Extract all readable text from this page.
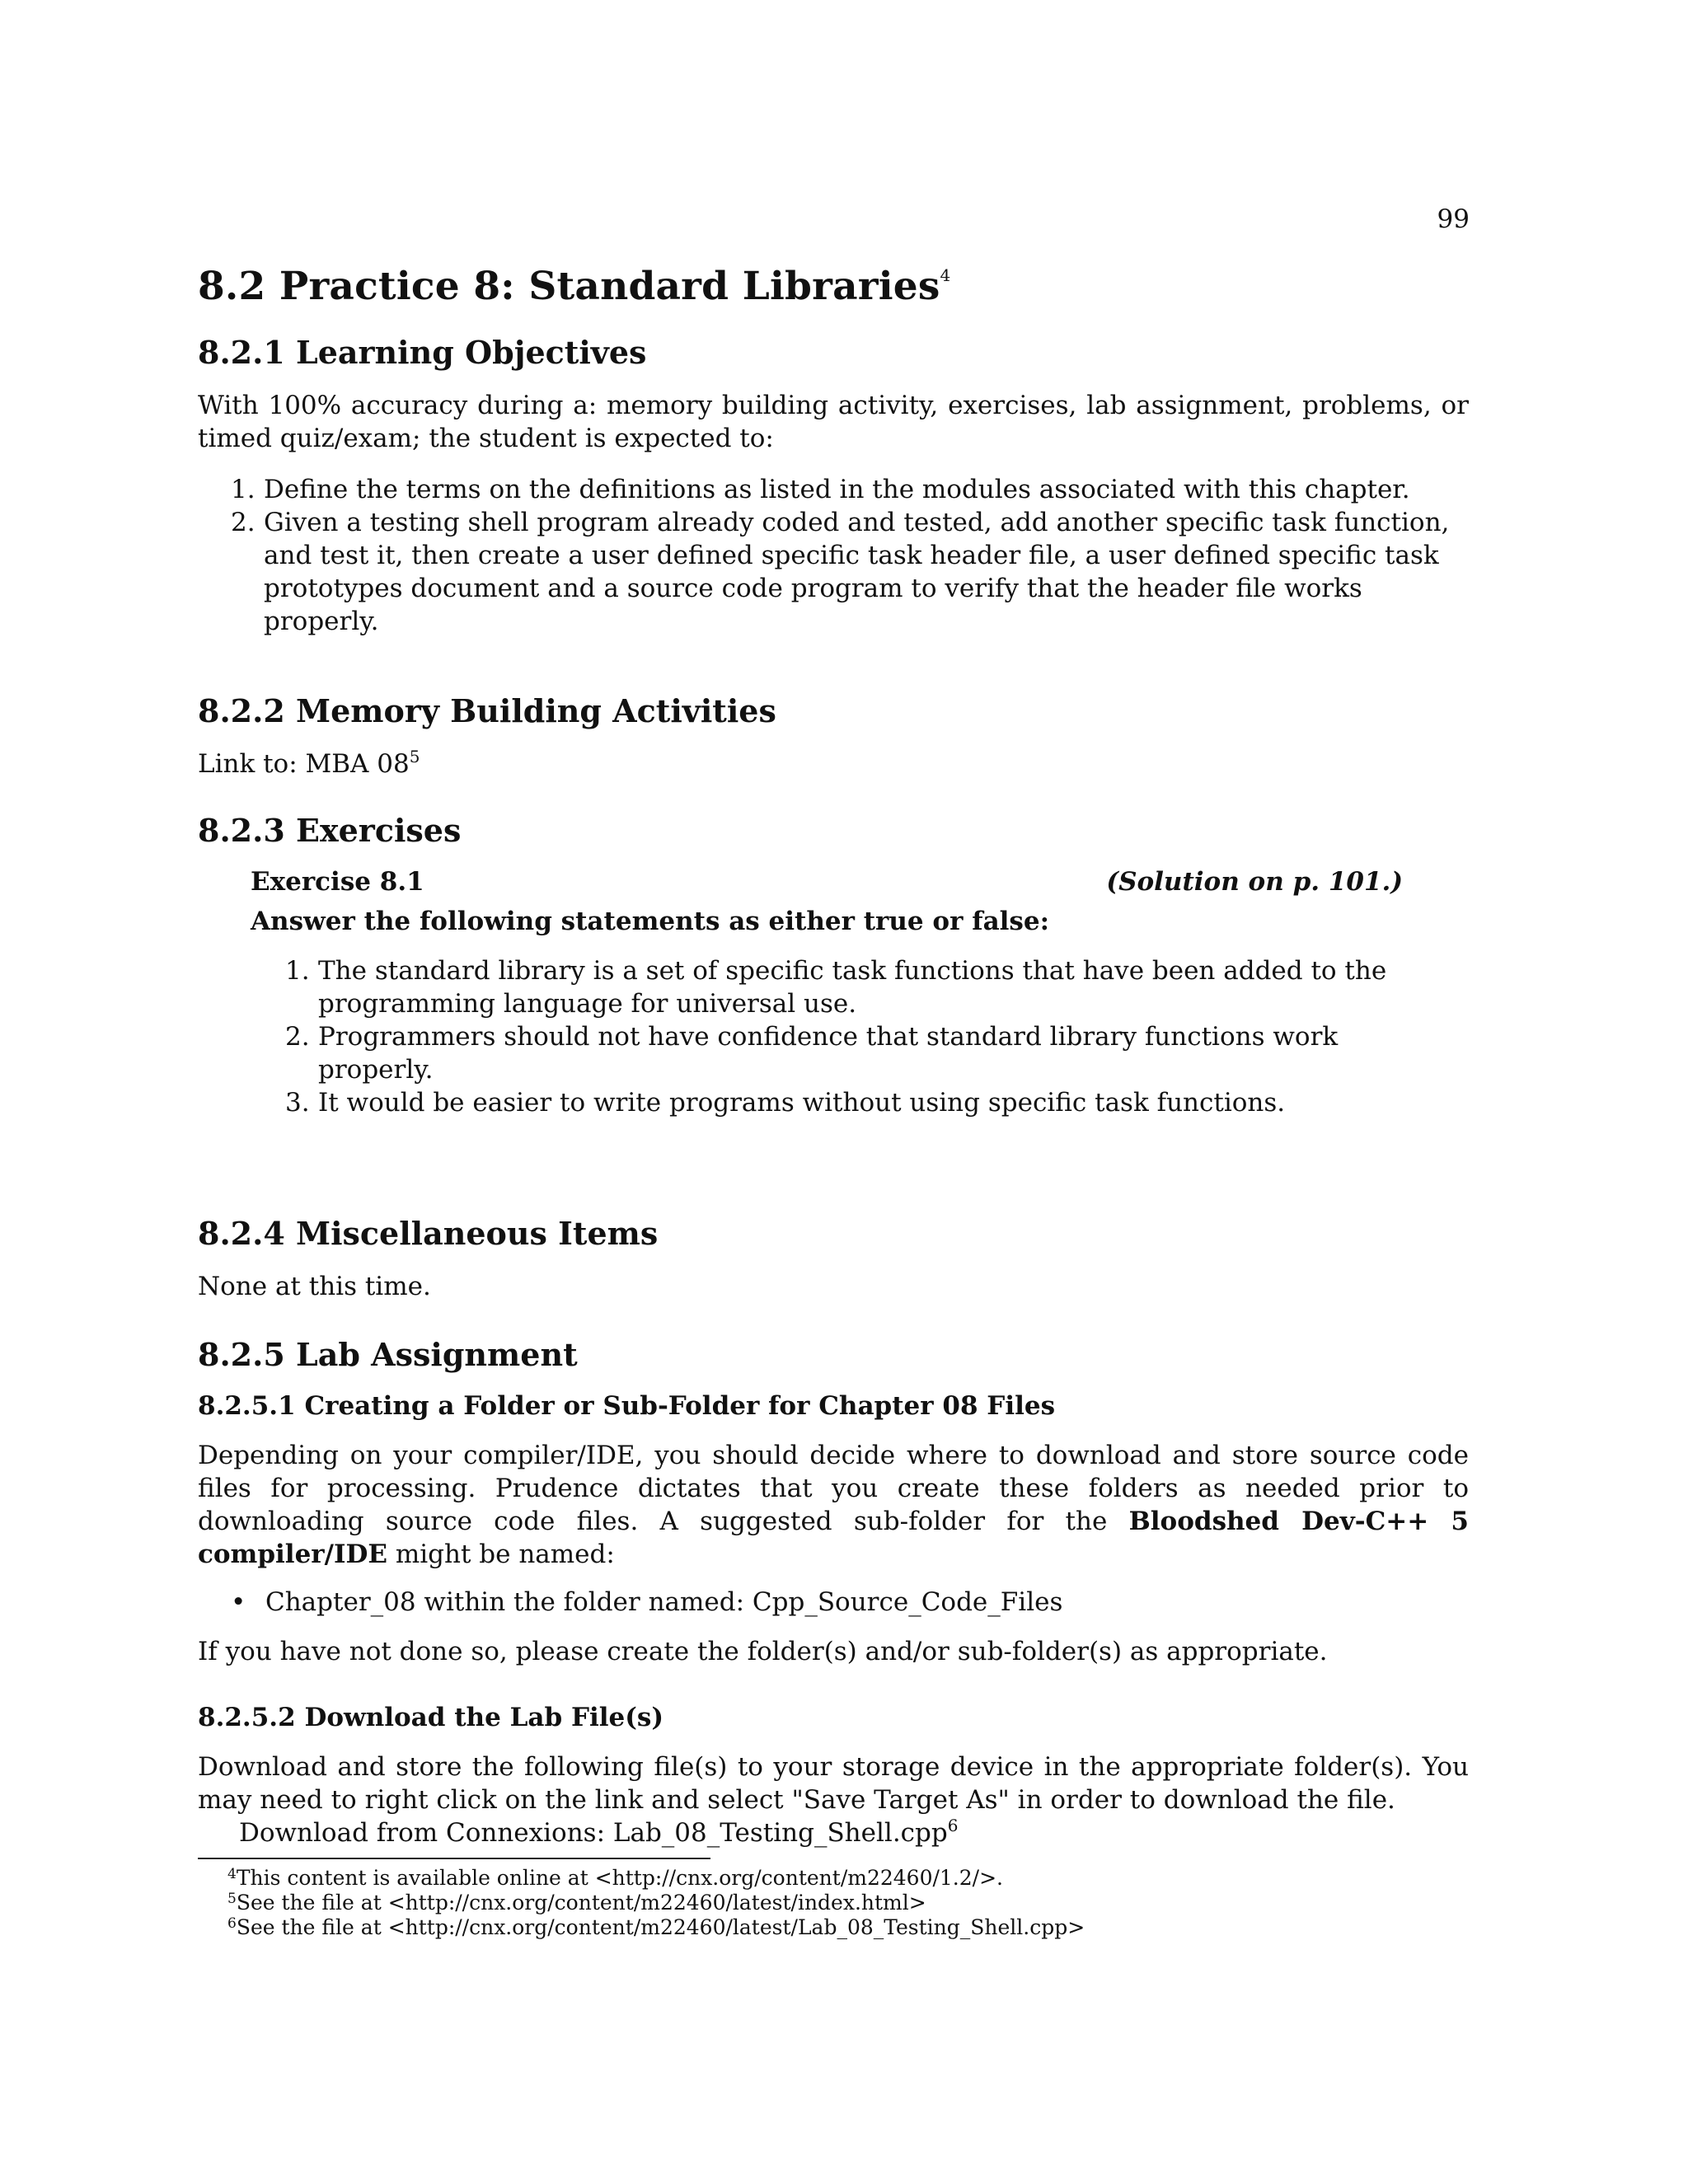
99
8.2 Practice 8: Standard Libraries$^4$
8.2.1 Learning Objectives

With 100% accuracy during a: memory building activity, exercises, lab assignment, problems, or timed quiz/exam; the student is expected to:

1. Define the terms on the definitions as listed in the modules associated with this chapter.
2. Given a testing shell program already coded and tested, add another specific task function, and test it, then create a user defined specific task header file, a user defined specific task prototypes document and a source code program to verify that the header file works properly.
8.2.2 Memory Building Activities

Link to: MBA 08$^5$

8.2.3 Exercises
Exercise 8.1	(Solution on p. 101.)
Answer the following statements as either true or false:
1. The standard library is a set of specific task functions that have been added to the programming language for universal use.
2. Programmers should not have confidence that standard library functions work properly.
3. It would be easier to write programs without using specific task functions.
8.2.4 Miscellaneous Items

None at this time.

8.2.5 Lab Assignment
8.2.5.1 Creating a Folder or Sub-Folder for Chapter 08 Files

Depending on your compiler/IDE, you should decide where to download and store source code files for processing. Prudence dictates that you create these folders as needed prior to downloading source code files. A suggested sub-folder for the Bloodshed Dev-C++ 5 compiler/IDE might be named:

• Chapter_08 within the folder named: Cpp_Source_Code_Files

If you have not done so, please create the folder(s) and/or sub-folder(s) as appropriate.

8.2.5.2 Download the Lab File(s)

Download and store the following file(s) to your storage device in the appropriate folder(s). You may need to right click on the link and select "Save Target As" in order to download the file.

Download from Connexions: Lab_08_Testing_Shell.cpp$^6$

$^4$This content is available online at <http://cnx.org/content/m22460/1.2/>.

$^5$See the file at <http://cnx.org/content/m22460/latest/index.html>

$^6$See the file at <http://cnx.org/content/m22460/latest/Lab_08_Testing_Shell.cpp>
